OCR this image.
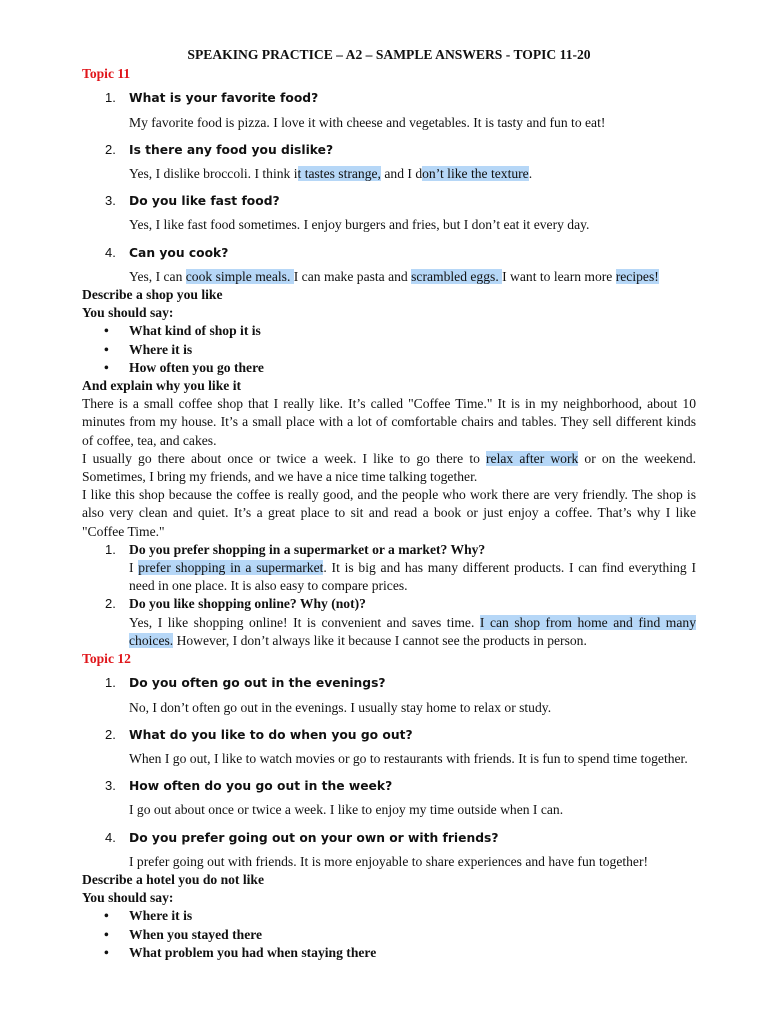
SPEAKING PRACTICE – A2 – SAMPLE ANSWERS - TOPIC 11-20
Topic 11
1.	What is your favorite food?
My favorite food is pizza. I love it with cheese and vegetables. It is tasty and fun to eat!
2.	Is there any food you dislike?
Yes, I dislike broccoli. I think it tastes strange, and I don’t like the texture.
3.	Do you like fast food?
Yes, I like fast food sometimes. I enjoy burgers and fries, but I don’t eat it every day.
4.	Can you cook?
Yes, I can cook simple meals. I can make pasta and scrambled eggs. I want to learn more recipes!
Describe a shop you like
You should say:
•	What kind of shop it is
•	Where it is
•	How often you go there
And explain why you like it
There is a small coffee shop that I really like. It’s called "Coffee Time." It is in my neighborhood, about 10 minutes from my house. It’s a small place with a lot of comfortable chairs and tables. They sell different kinds of coffee, tea, and cakes.
I usually go there about once or twice a week. I like to go there to relax after work or on the weekend. Sometimes, I bring my friends, and we have a nice time talking together.
I like this shop because the coffee is really good, and the people who work there are very friendly. The shop is also very clean and quiet. It’s a great place to sit and read a book or just enjoy a coffee. That’s why I like "Coffee Time."
1. Do you prefer shopping in a supermarket or a market? Why?
I prefer shopping in a supermarket. It is big and has many different products. I can find everything I need in one place. It is also easy to compare prices.
2. Do you like shopping online? Why (not)?
Yes, I like shopping online! It is convenient and saves time. I can shop from home and find many choices. However, I don’t always like it because I cannot see the products in person.
Topic 12
1.	Do you often go out in the evenings?
No, I don’t often go out in the evenings. I usually stay home to relax or study.
2.	What do you like to do when you go out?
When I go out, I like to watch movies or go to restaurants with friends. It is fun to spend time together.
3.	How often do you go out in the week?
I go out about once or twice a week. I like to enjoy my time outside when I can.
4.	Do you prefer going out on your own or with friends?
I prefer going out with friends. It is more enjoyable to share experiences and have fun together!
Describe a hotel you do not like
You should say:
•	Where it is
•	When you stayed there
•	What problem you had when staying there
